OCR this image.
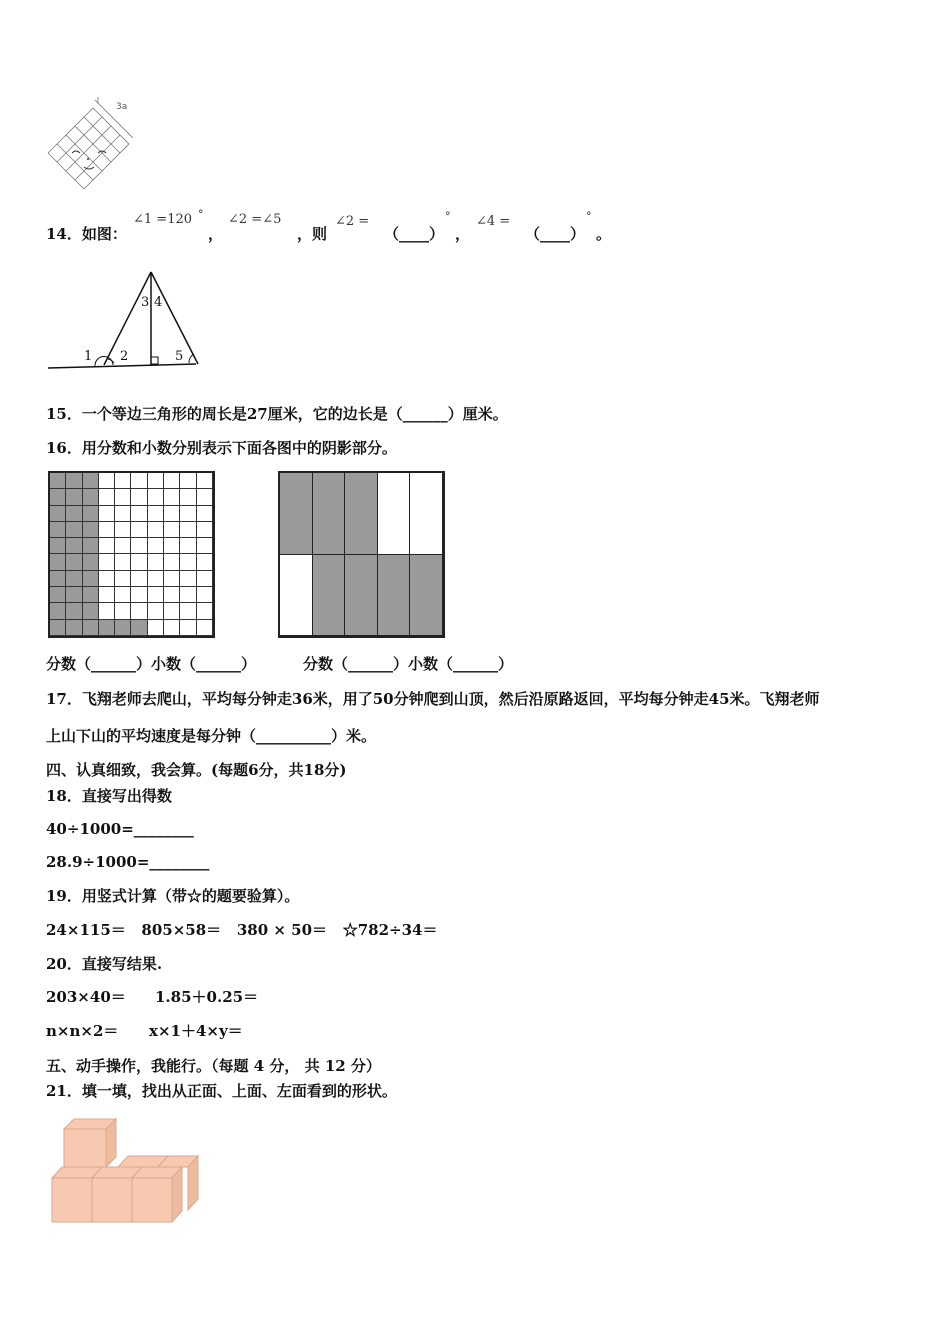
3a
14．如图：
∠1 =120 °
，
∠2 =∠5
，则
∠2 =
（____）
°
，
∠4 =
（____）
°
。
1 2
3 4
5
15．一个等边三角形的周长是27厘米，它的边长是（______）厘米。
16．用分数和小数分别表示下面各图中的阴影部分。
分数（______）小数（______）	分数（______）小数（______）
17．飞翔老师去爬山，平均每分钟走36米，用了50分钟爬到山顶，然后沿原路返回，平均每分钟走45米。飞翔老师
上山下山的平均速度是每分钟（__________）米。
四、认真细致，我会算。(每题6分，共18分)
18．直接写出得数
40÷1000=________
28.9÷1000=________
19．用竖式计算（带☆的题要验算）。
24×115＝   805×58＝   380 × 50＝   ☆782÷34＝
20．直接写结果.
203×40＝ 1.85＋0.25＝
n×n×2＝ x×1＋4×y＝
五、动手操作，我能行。（每题 4 分， 共 12 分）
21．填一填，找出从正面、上面、左面看到的形状。
